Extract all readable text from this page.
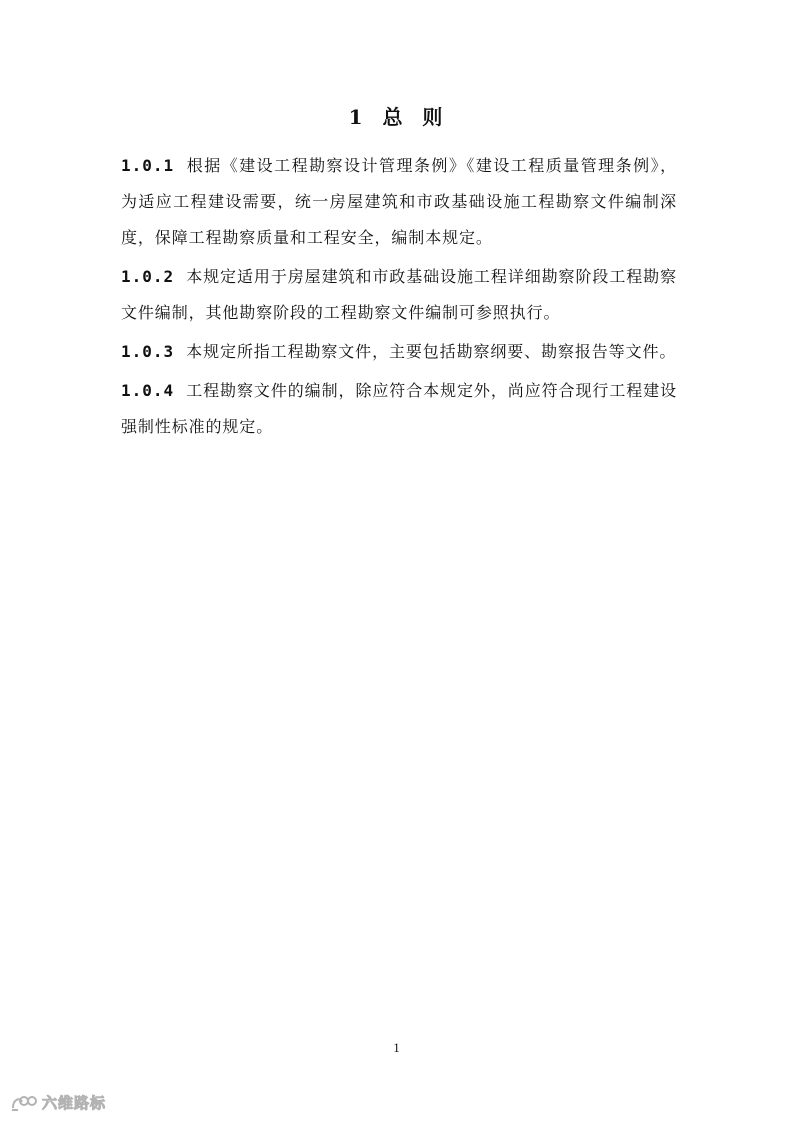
1  总  则

1.0.1 根据《建设工程勘察设计管理条例》《建设工程质量管理条例》，为适应工程建设需要，统一房屋建筑和市政基础设施工程勘察文件编制深度，保障工程勘察质量和工程安全，编制本规定。

1.0.2 本规定适用于房屋建筑和市政基础设施工程详细勘察阶段工程勘察文件编制，其他勘察阶段的工程勘察文件编制可参照执行。

1.0.3 本规定所指工程勘察文件，主要包括勘察纲要、勘察报告等文件。

1.0.4 工程勘察文件的编制，除应符合本规定外，尚应符合现行工程建设强制性标准的规定。

1
六维路标
